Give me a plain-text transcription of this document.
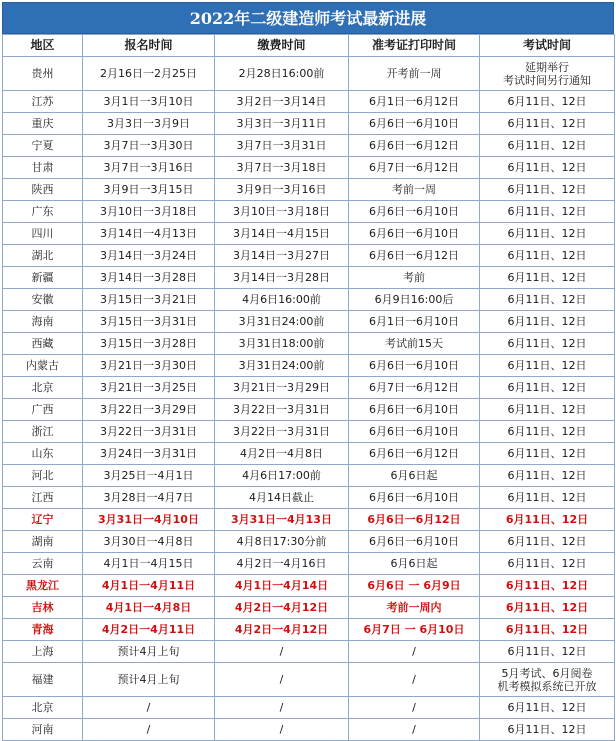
2022年二级建造师考试最新进展
地区	报名时间	缴费时间	准考证打印时间	考试时间
贵州	2月16日一2月25日	2月28日16:00前	开考前一周	延期举行
考试时间另行通知
江苏	3月1日一3月10日	3月2日一3月14日	6月1日一6月12日	6月11日、12日
重庆	3月3日一3月9日	3月3日一3月11日	6月6日一6月10日	6月11日、12日
宁夏	3月7日一3月30日	3月7日一3月31日	6月6日一6月12日	6月11日、12日
甘肃	3月7日一3月16日	3月7日一3月18日	6月7日一6月12日	6月11日、12日
陕西	3月9日一3月15日	3月9日一3月16日	考前一周	6月11日、12日
广东	3月10日一3月18日	3月10日一3月18日	6月6日一6月10日	6月11日、12日
四川	3月14日一4月13日	3月14日一4月15日	6月6日一6月10日	6月11日、12日
湖北	3月14日一3月24日	3月14日一3月27日	6月6日一6月12日	6月11日、12日
新疆	3月14日一3月28日	3月14日一3月28日	考前	6月11日、12日
安徽	3月15日一3月21日	4月6日16:00前	6月9日16:00后	6月11日、12日
海南	3月15日一3月31日	3月31日24:00前	6月1日一6月10日	6月11日、12日
西藏	3月15日一3月28日	3月31日18:00前	考试前15天	6月11日、12日
内蒙古	3月21日一3月30日	3月31日24:00前	6月6日一6月10日	6月11日、12日
北京	3月21日一3月25日	3月21日一3月29日	6月7日一6月12日	6月11日、12日
广西	3月22日一3月29日	3月22日一3月31日	6月6日一6月10日	6月11日、12日
浙江	3月22日一3月31日	3月22日一3月31日	6月6日一6月10日	6月11日、12日
山东	3月24日一3月31日	4月2日一4月8日	6月6日一6月12日	6月11日、12日
河北	3月25日一4月1日	4月6日17:00前	6月6日起	6月11日、12日
江西	3月28日一4月7日	4月14日截止	6月6日一6月10日	6月11日、12日
辽宁	3月31日一4月10日	3月31日一4月13日	6月6日一6月12日	6月11日、12日
湖南	3月30日一4月8日	4月8日17:30分前	6月6日一6月10日	6月11日、12日
云南	4月1日一4月15日	4月2日一4月16日	6月6日起	6月11日、12日
黑龙江	4月1日一4月11日	4月1日一4月14日	6月6日 一 6月9日	6月11日、12日
吉林	4月1日一4月8日	4月2日一4月12日	考前一周内	6月11日、12日
青海	4月2日一4月11日	4月2日一4月12日	6月7日 一 6月10日	6月11日、12日
上海	预计4月上旬	/	/	6月11日、12日
福建	预计4月上旬	/	/	5月考试、6月阅卷
机考模拟系统已开放
北京	/	/	/	6月11日、12日
河南	/	/	/	6月11日、12日
